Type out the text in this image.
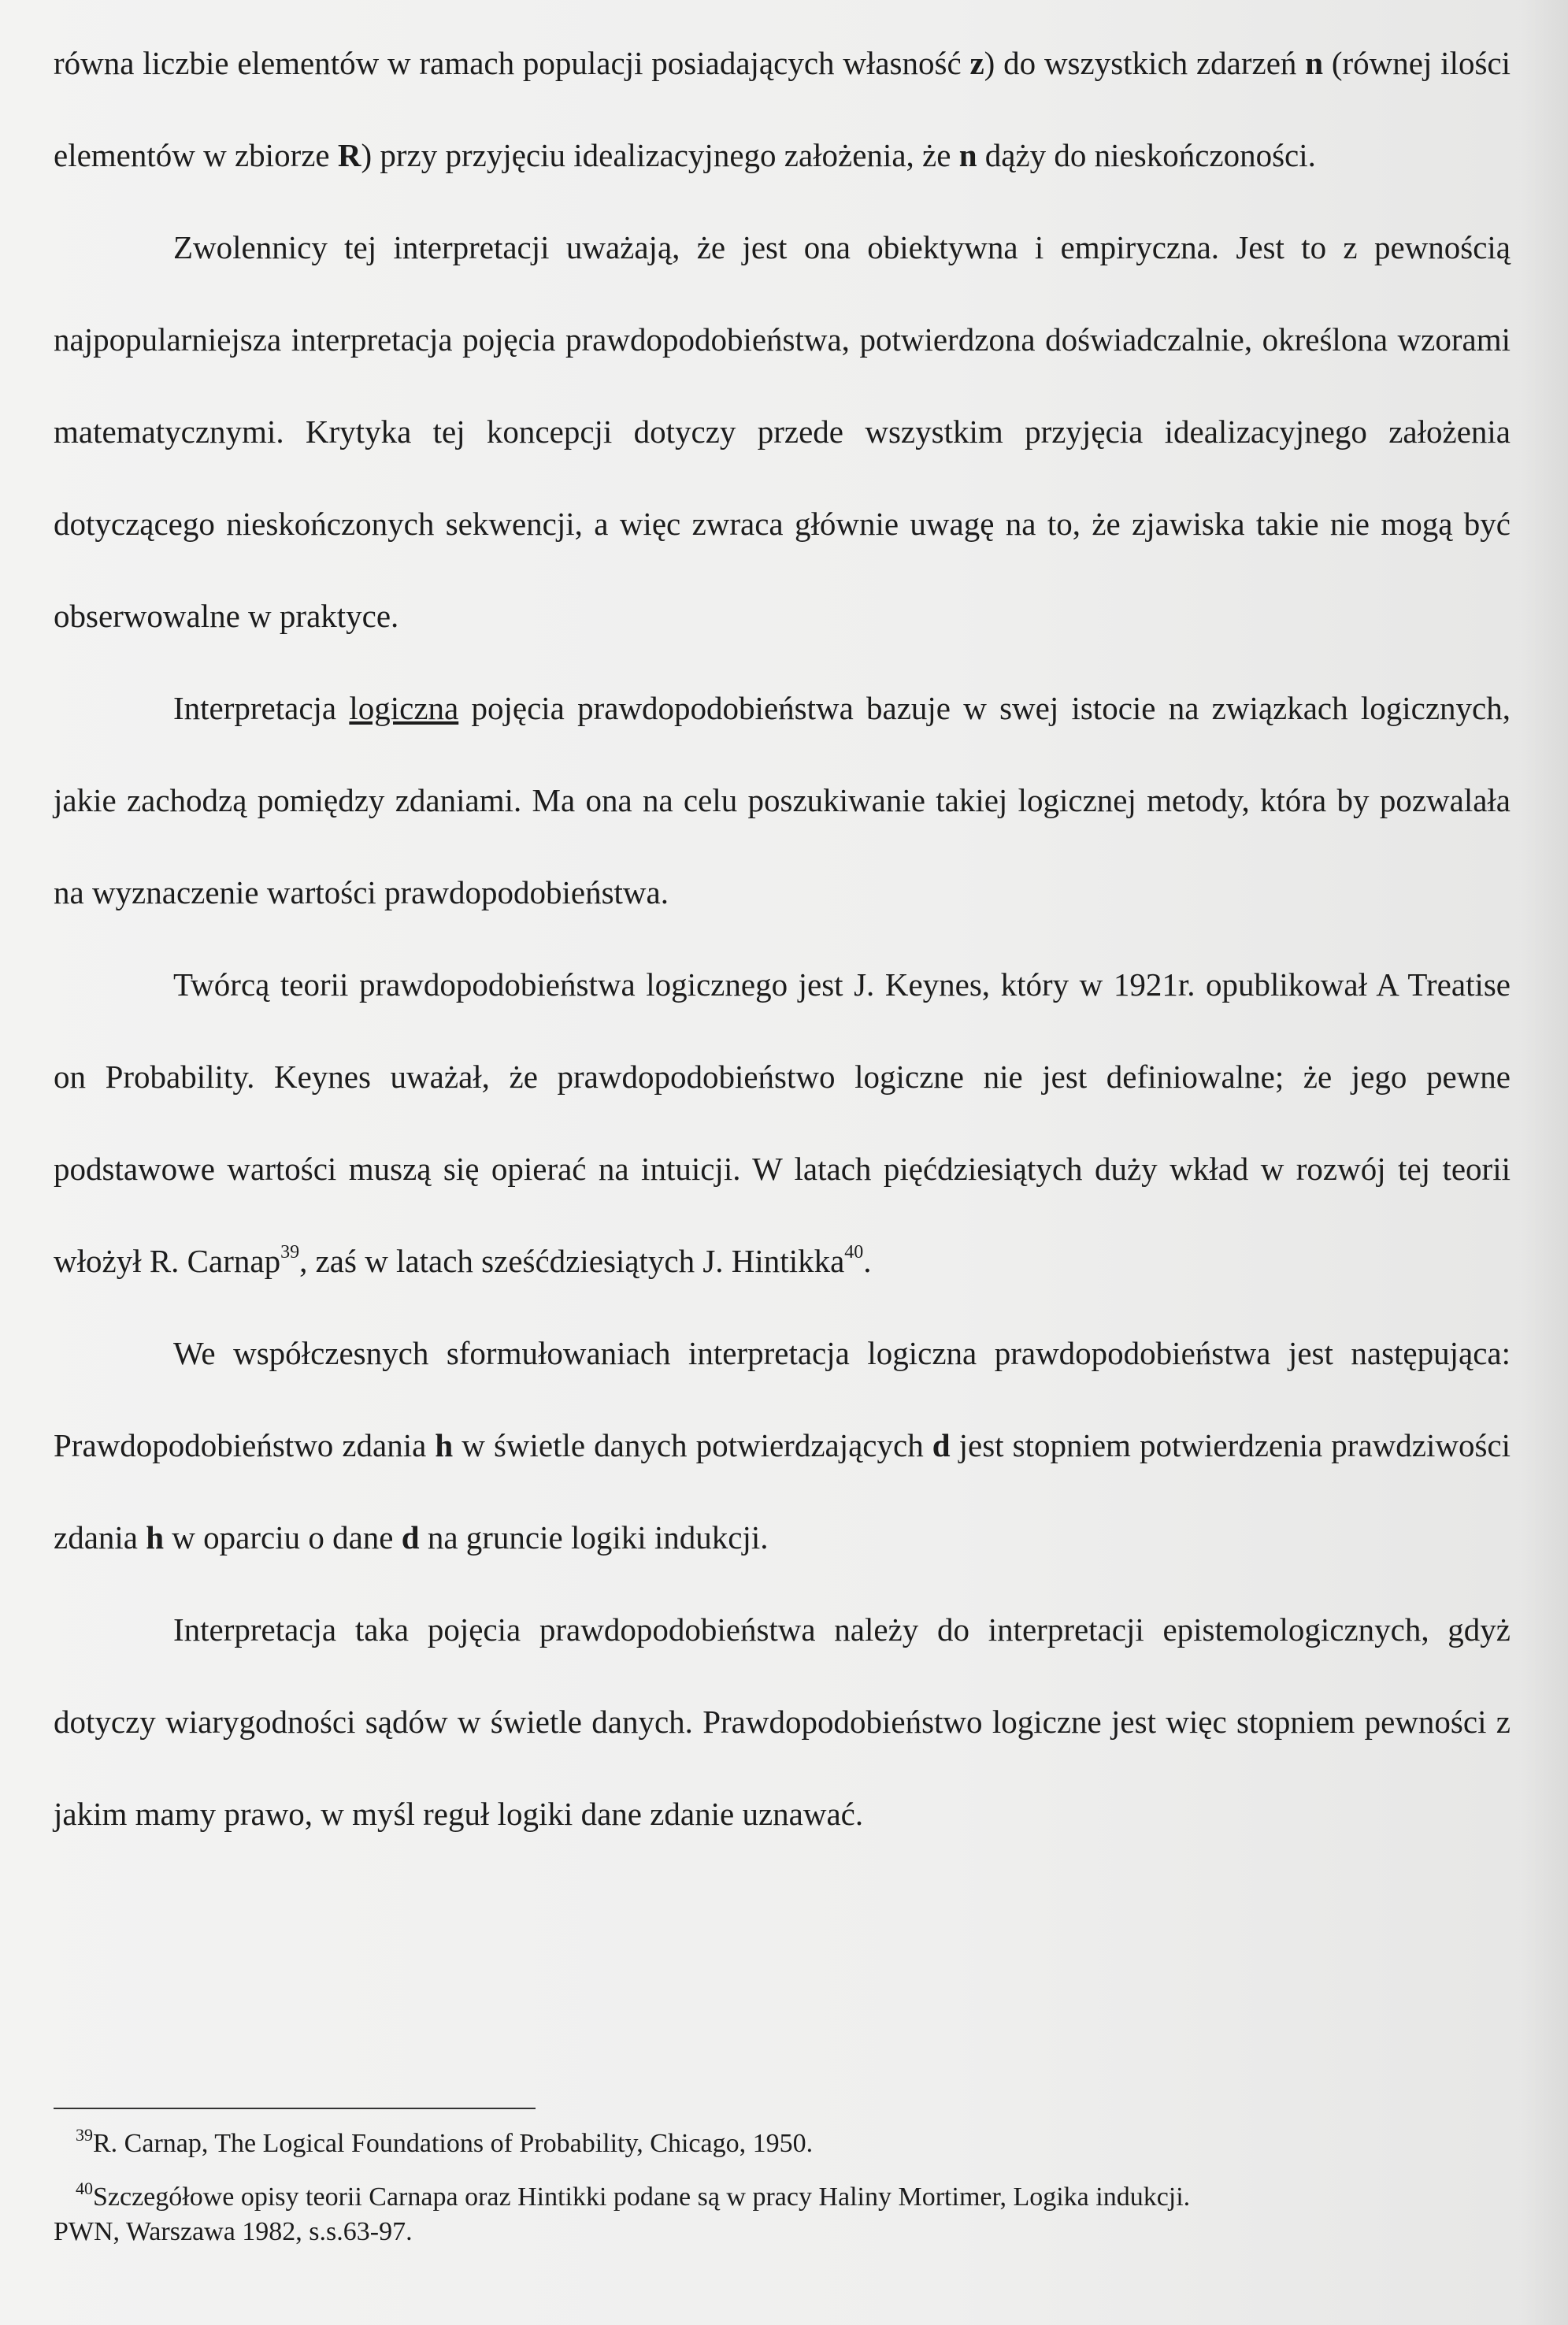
równa liczbie elementów w ramach populacji posiadających własność z) do wszystkich zdarzeń n (równej ilości elementów w zbiorze R) przy przyjęciu idealizacyjnego założenia, że n dąży do nieskończoności.

Zwolennicy tej interpretacji uważają, że jest ona obiektywna i empiryczna. Jest to z pewnością najpopularniejsza interpretacja pojęcia prawdopodobieństwa, potwierdzona doświadczalnie, określona wzorami matematycznymi. Krytyka tej koncepcji dotyczy przede wszystkim przyjęcia idealizacyjnego założenia dotyczącego nieskończonych sekwencji, a więc zwraca głównie uwagę na to, że zjawiska takie nie mogą być obserwowalne w praktyce.

Interpretacja logiczna pojęcia prawdopodobieństwa bazuje w swej istocie na związkach logicznych, jakie zachodzą pomiędzy zdaniami. Ma ona na celu poszukiwanie takiej logicznej metody, która by pozwalała na wyznaczenie wartości prawdopodobieństwa.

Twórcą teorii prawdopodobieństwa logicznego jest J. Keynes, który w 1921r. opublikował A Treatise on Probability. Keynes uważał, że prawdopodobieństwo logiczne nie jest definiowalne; że jego pewne podstawowe wartości muszą się opierać na intuicji. W latach pięćdziesiątych duży wkład w rozwój tej teorii włożył R. Carnap$^{39}$, zaś w latach sześćdziesiątych J. Hintikka$^{40}$.

We współczesnych sformułowaniach interpretacja logiczna prawdopodobieństwa jest następująca: Prawdopodobieństwo zdania h w świetle danych potwierdzających d jest stopniem potwierdzenia prawdziwości zdania h w oparciu o dane d na gruncie logiki indukcji.

Interpretacja taka pojęcia prawdopodobieństwa należy do interpretacji epistemologicznych, gdyż dotyczy wiarygodności sądów w świetle danych. Prawdopodobieństwo logiczne jest więc stopniem pewności z jakim mamy prawo, w myśl reguł logiki dane zdanie uznawać.

$^{39}$R. Carnap, The Logical Foundations of Probability, Chicago, 1950.

$^{40}$Szczegółowe opisy teorii Carnapa oraz Hintikki podane są w pracy Haliny Mortimer, Logika indukcji.

PWN, Warszawa 1982, s.s.63-97.
